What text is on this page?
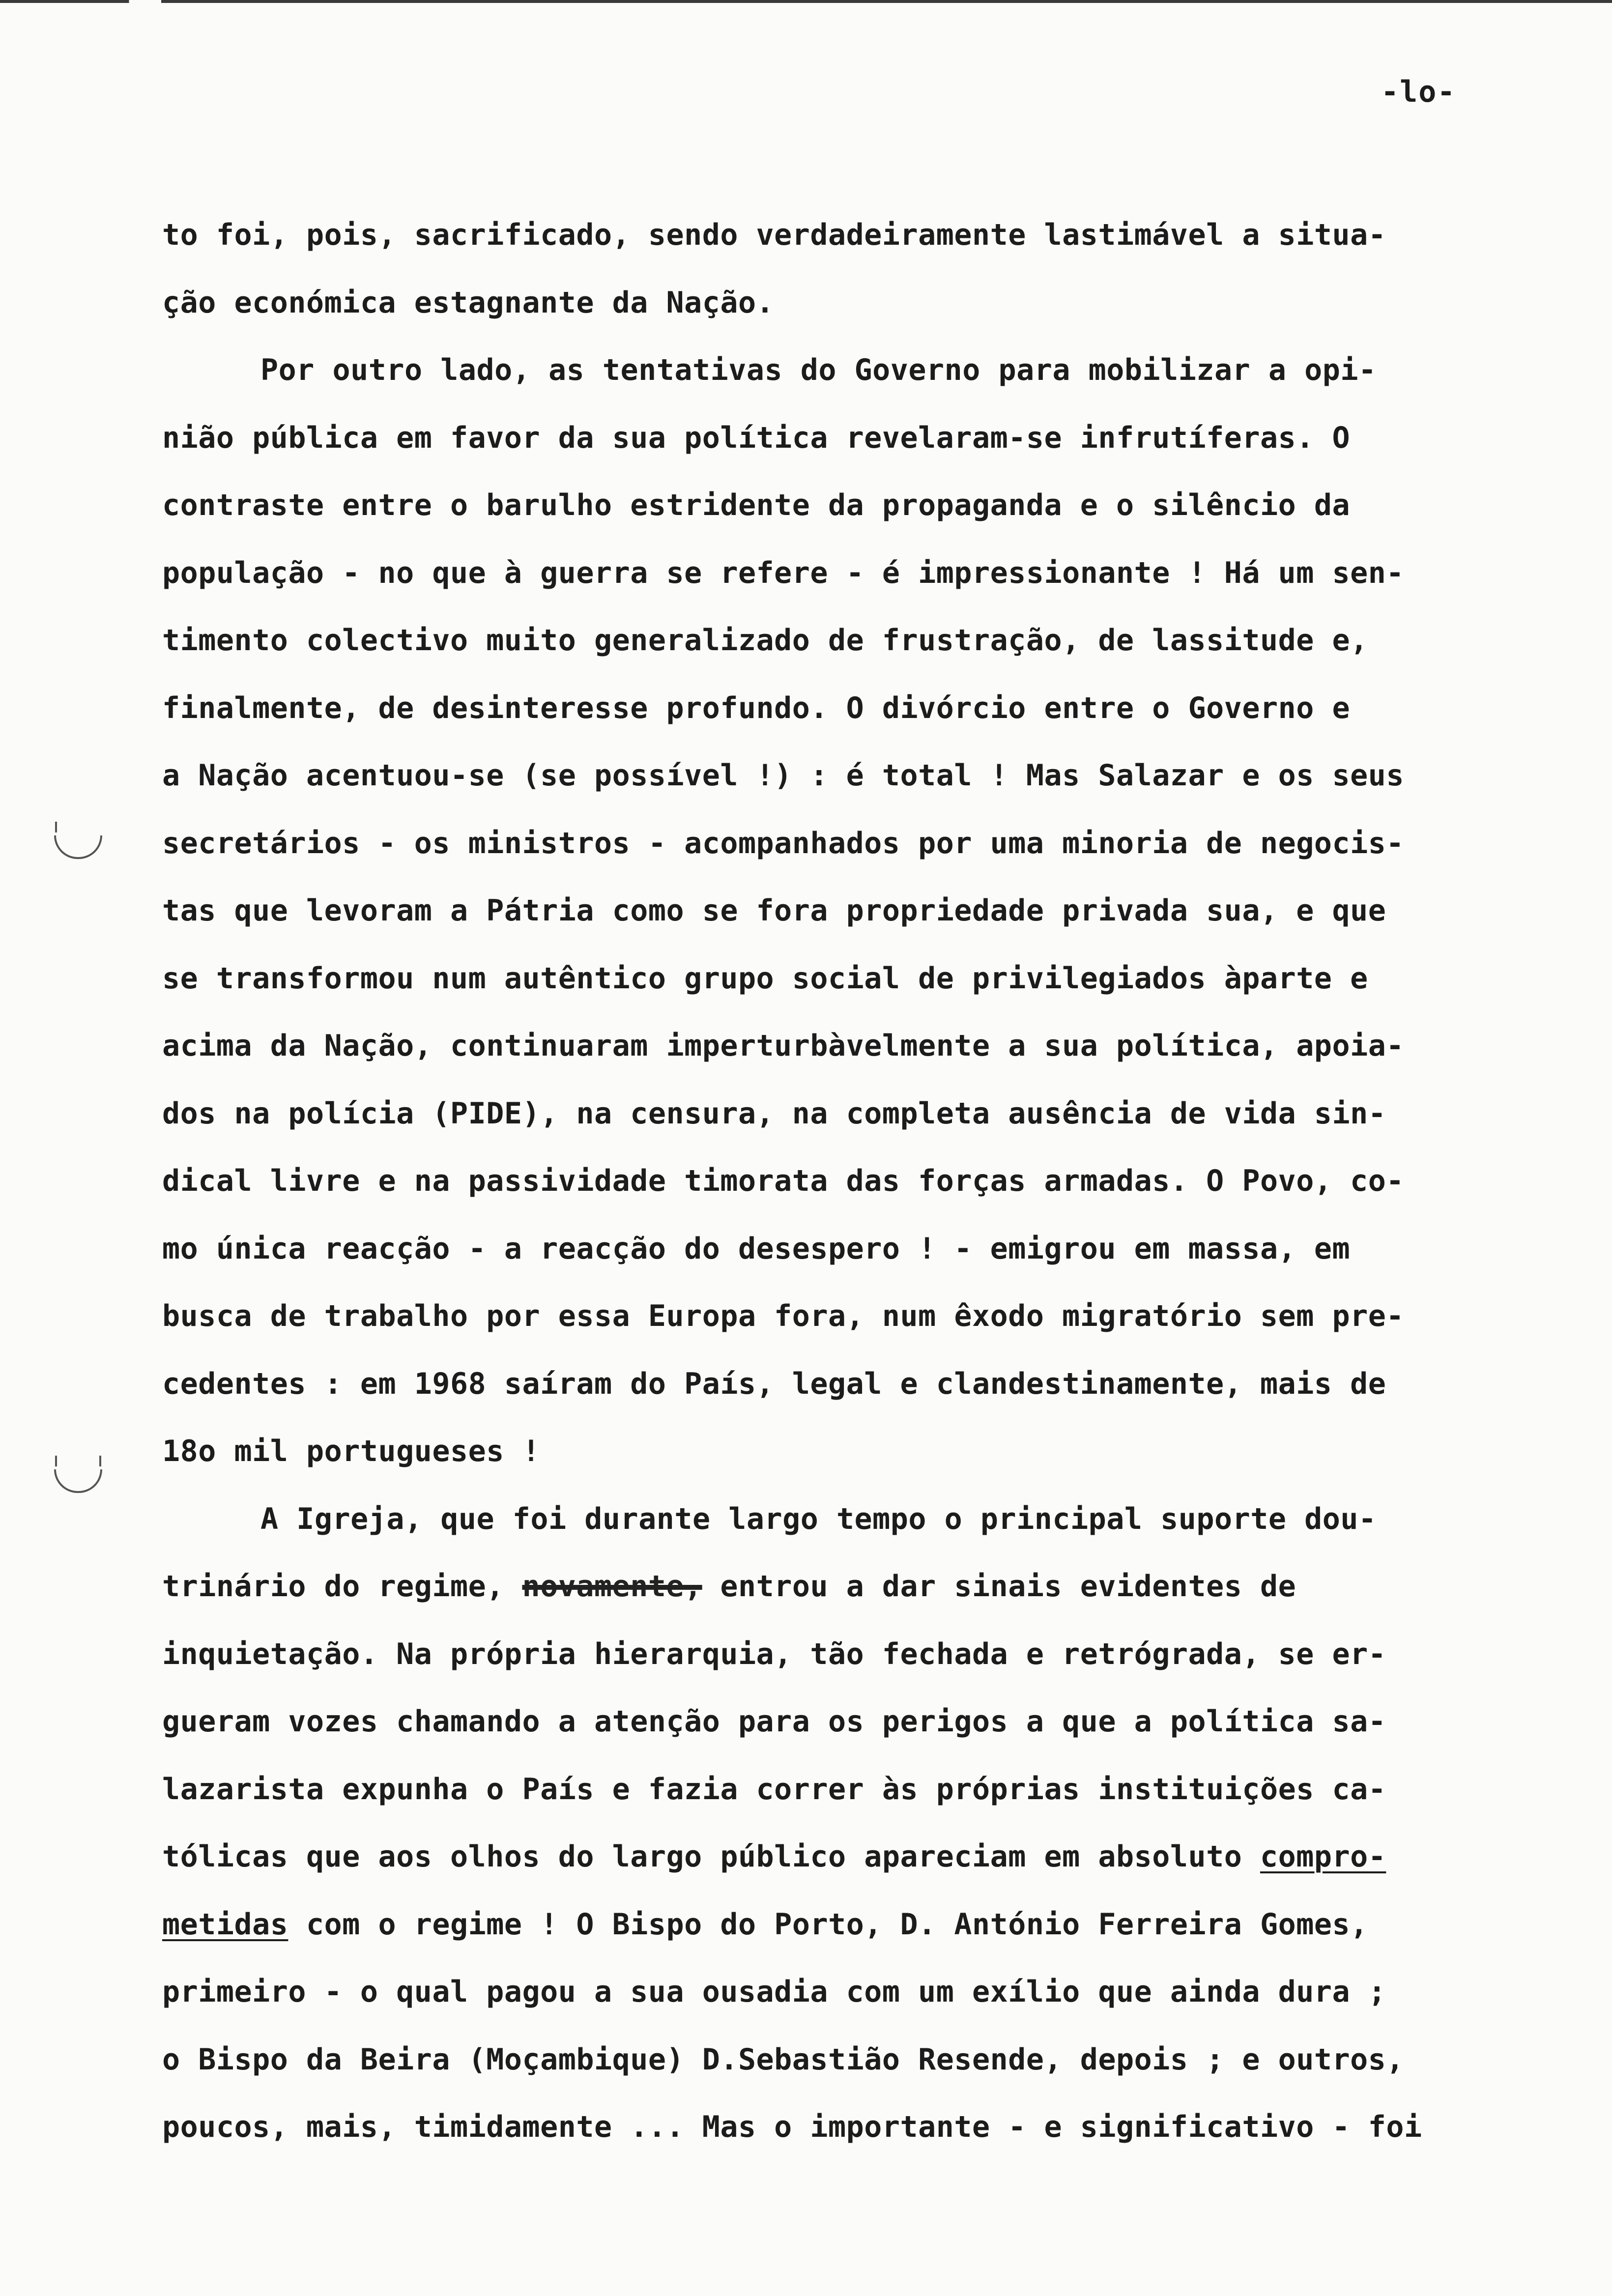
-lo-
to foi, pois, sacrificado, sendo verdadeiramente lastimável a situa-
ção económica estagnante da Nação.
Por outro lado, as tentativas do Governo para mobilizar a opi-
nião pública em favor da sua política revelaram-se infrutíferas. O
contraste entre o barulho estridente da propaganda e o silêncio da
população - no que à guerra se refere - é impressionante ! Há um sen-
timento colectivo muito generalizado de frustração, de lassitude e,
finalmente, de desinteresse profundo. O divórcio entre o Governo e
a Nação acentuou-se (se possível !) : é total ! Mas Salazar e os seus
secretários - os ministros - acompanhados por uma minoria de negocis-
tas que levoram a Pátria como se fora propriedade privada sua, e que
se transformou num autêntico grupo social de privilegiados àparte e
acima da Nação, continuaram imperturbàvelmente a sua política, apoia-
dos na polícia (PIDE), na censura, na completa ausência de vida sin-
dical livre e na passividade timorata das forças armadas. O Povo, co-
mo única reacção - a reacção do desespero ! - emigrou em massa, em
busca de trabalho por essa Europa fora, num êxodo migratório sem pre-
cedentes : em 1968 saíram do País, legal e clandestinamente, mais de
18o mil portugueses !
A Igreja, que foi durante largo tempo o principal suporte dou-
trinário do regime, novamente, entrou a dar sinais evidentes de
inquietação. Na própria hierarquia, tão fechada e retrógrada, se er-
gueram vozes chamando a atenção para os perigos a que a política sa-
lazarista expunha o País e fazia correr às próprias instituições ca-
tólicas que aos olhos do largo público apareciam em absoluto compro-
metidas com o regime ! O Bispo do Porto, D. António Ferreira Gomes,
primeiro - o qual pagou a sua ousadia com um exílio que ainda dura ;
o Bispo da Beira (Moçambique) D.Sebastião Resende, depois ; e outros,
poucos, mais, timidamente ... Mas o importante - e significativo - foi
